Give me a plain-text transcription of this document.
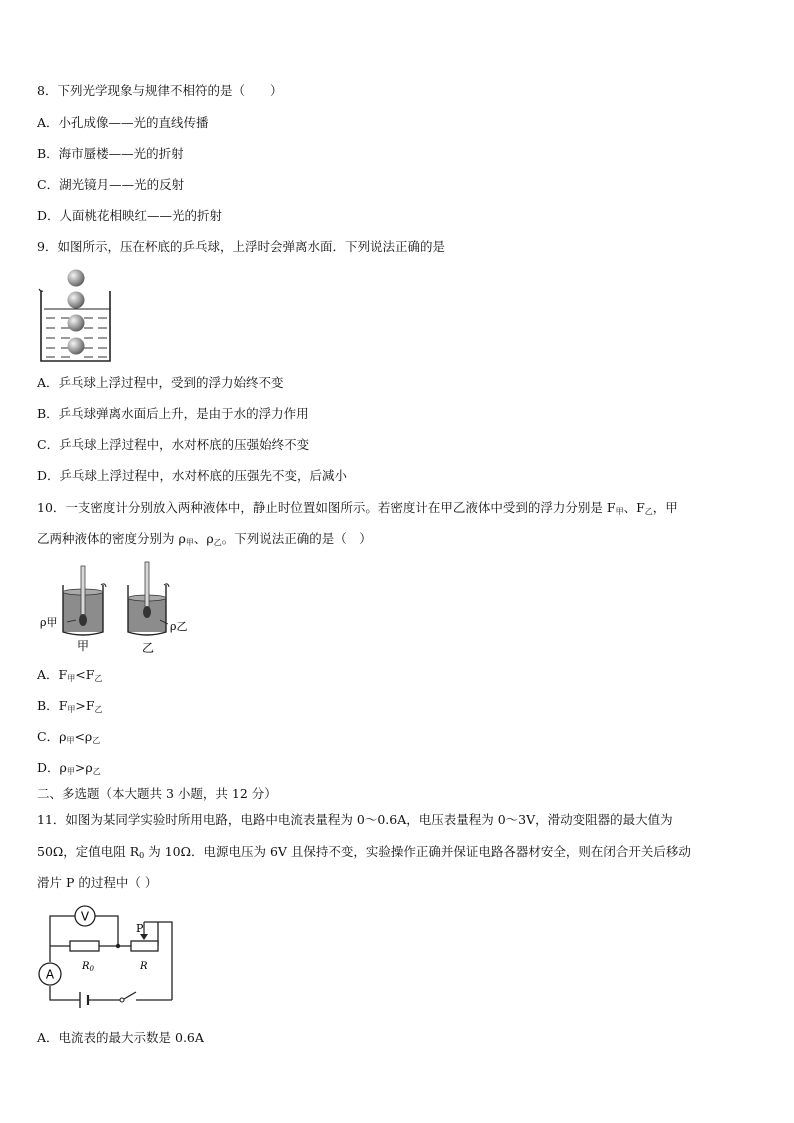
8．下列光学现象与规律不相符的是（　　）
A．小孔成像——光的直线传播
B．海市蜃楼——光的折射
C．湖光镜月——光的反射
D．人面桃花相映红——光的折射
9．如图所示，压在杯底的乒乓球，上浮时会弹离水面．下列说法正确的是
A．乒乓球上浮过程中，受到的浮力始终不变
B．乒乓球弹离水面后上升，是由于水的浮力作用
C．乒乓球上浮过程中，水对杯底的压强始终不变
D．乒乓球上浮过程中，水对杯底的压强先不变，后减小
10．一支密度计分别放入两种液体中，静止时位置如图所示。若密度计在甲乙液体中受到的浮力分别是 $F_甲$、$F_乙$，甲
乙两种液体的密度分别为 $\rho_甲$、$\rho_乙$。下列说法正确的是（　）
ρ甲
甲
ρ乙
乙
A．$F_甲<F_乙$
B．$F_甲>F_乙$
C．$\rho_甲<\rho_乙$
D．$\rho_甲>\rho_乙$
二、多选题（本大题共 3 小题，共 12 分）
11．如图为某同学实验时所用电路，电路中电流表量程为 0～0.6A，电压表量程为 0～3V，滑动变阻器的最大值为
50Ω，定值电阻 $R_0$ 为 10Ω．电源电压为 6V 且保持不变，实验操作正确并保证电路各器材安全，则在闭合开关后移动
滑片 P 的过程中（ ）
V
$R_0$
P
R
A
A．电流表的最大示数是 0.6A
